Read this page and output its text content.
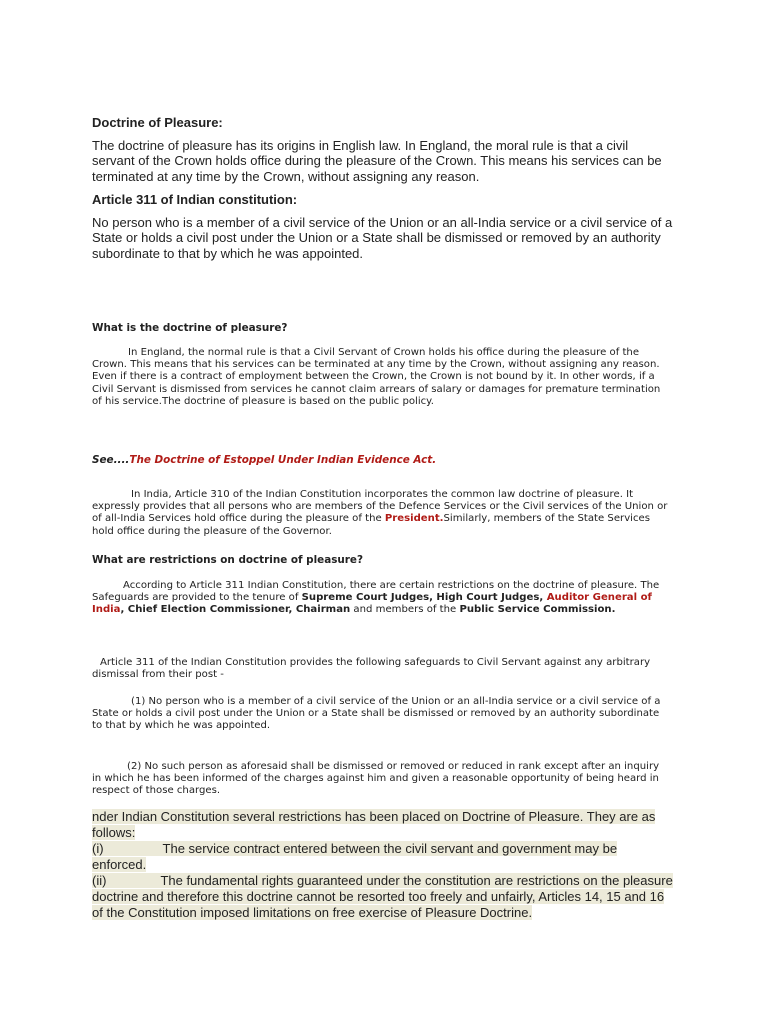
Doctrine of Pleasure:
The doctrine of pleasure has its origins in English law. In England, the moral rule is that a civil servant of the Crown holds office during the pleasure of the Crown. This means his services can be terminated at any time by the Crown, without assigning any reason.
Article 311 of Indian constitution:
No person who is a member of a civil service of the Union or an all-India service or a civil service of a State or holds a civil post under the Union or a State shall be dismissed or removed by an authority subordinate to that by which he was appointed.
What is the doctrine of pleasure?
In England, the normal rule is that a Civil Servant of Crown holds his office during the pleasure of the Crown. This means that his services can be terminated at any time by the Crown, without assigning any reason. Even if there is a contract of employment between the Crown, the Crown is not bound by it. In other words, if a Civil Servant is dismissed from services he cannot claim arrears of salary or damages for premature termination of his service.The doctrine of pleasure is based on the public policy.
See....The Doctrine of Estoppel Under Indian Evidence Act.
In India, Article 310 of the Indian Constitution incorporates the common law doctrine of pleasure. It expressly provides that all persons who are members of the Defence Services or the Civil services of the Union or of all-India Services hold office during the pleasure of the President.Similarly, members of the State Services hold office during the pleasure of the Governor.
What are restrictions on doctrine of pleasure?
According to Article 311 Indian Constitution, there are certain restrictions on the doctrine of pleasure. The Safeguards are provided to the tenure of Supreme Court Judges, High Court Judges, Auditor General of India, Chief Election Commissioner, Chairman and members of the Public Service Commission.
Article 311 of the Indian Constitution provides the following safeguards to Civil Servant against any arbitrary dismissal from their post -
(1) No person who is a member of a civil service of the Union or an all-India service or a civil service of a State or holds a civil post under the Union or a State shall be dismissed or removed by an authority subordinate to that by which he was appointed.
(2) No such person as aforesaid shall be dismissed or removed or reduced in rank except after an inquiry in which he has been informed of the charges against him and given a reasonable opportunity of being heard in respect of those charges.
nder Indian Constitution several restrictions has been placed on Doctrine of Pleasure. They are as follows:
(i)	The service contract entered between the civil servant and government may be enforced.
(ii)	The fundamental rights guaranteed under the constitution are restrictions on the pleasure doctrine and therefore this doctrine cannot be resorted too freely and unfairly, Articles 14, 15 and 16 of the Constitution imposed limitations on free exercise of Pleasure Doctrine.
